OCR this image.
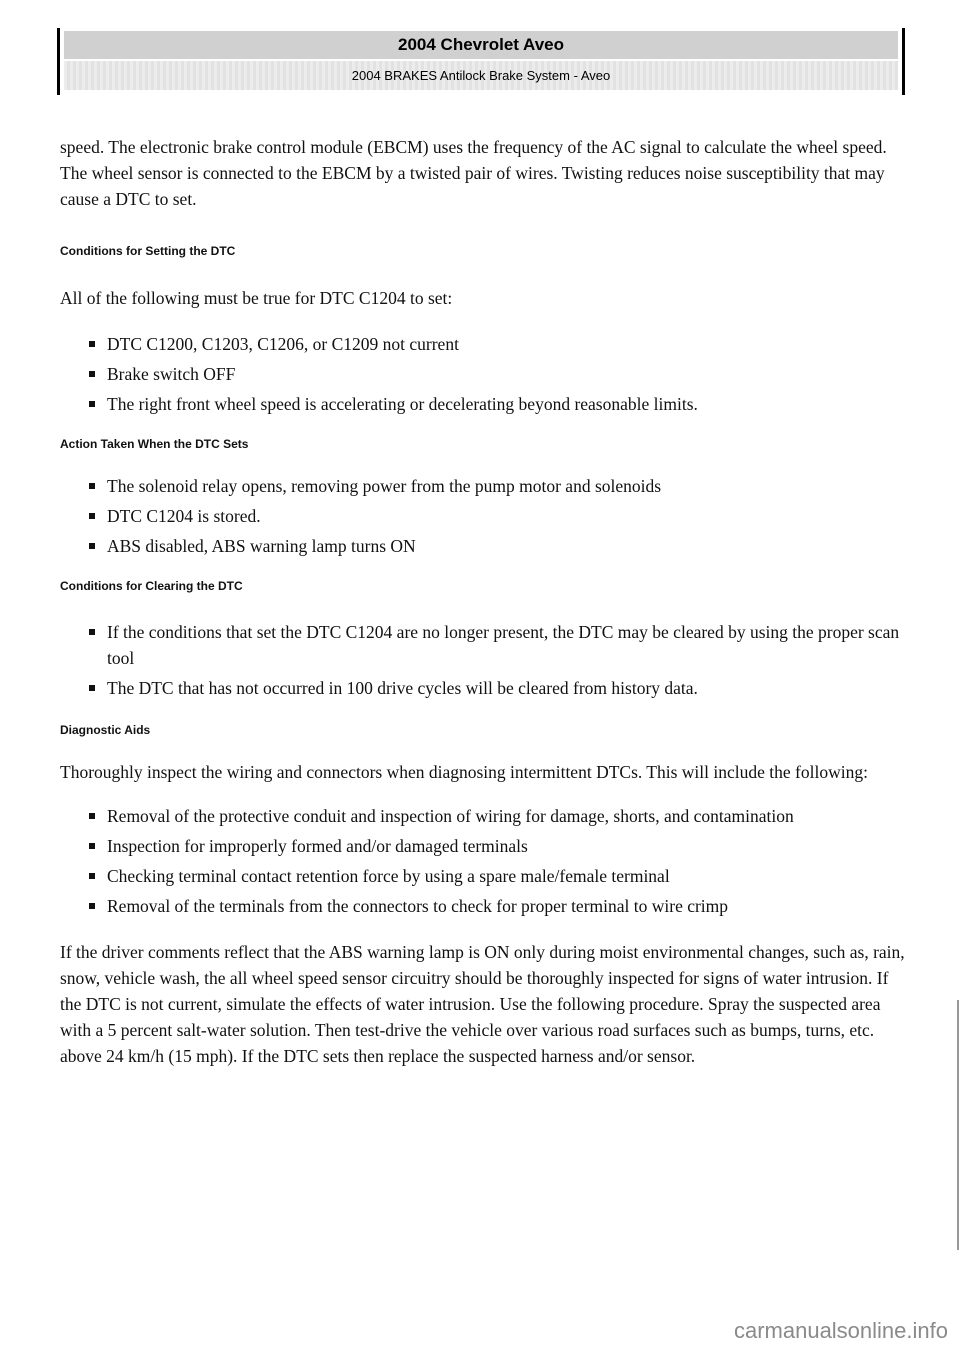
2004 Chevrolet Aveo
2004 BRAKES Antilock Brake System - Aveo

speed. The electronic brake control module (EBCM) uses the frequency of the AC signal to calculate the wheel speed. The wheel sensor is connected to the EBCM by a twisted pair of wires. Twisting reduces noise susceptibility that may cause a DTC to set.

Conditions for Setting the DTC

All of the following must be true for DTC C1204 to set:

DTC C1200, C1203, C1206, or C1209 not current
Brake switch OFF
The right front wheel speed is accelerating or decelerating beyond reasonable limits.
Action Taken When the DTC Sets
The solenoid relay opens, removing power from the pump motor and solenoids
DTC C1204 is stored.
ABS disabled, ABS warning lamp turns ON
Conditions for Clearing the DTC
If the conditions that set the DTC C1204 are no longer present, the DTC may be cleared by using the proper scan tool
The DTC that has not occurred in 100 drive cycles will be cleared from history data.
Diagnostic Aids

Thoroughly inspect the wiring and connectors when diagnosing intermittent DTCs. This will include the following:

Removal of the protective conduit and inspection of wiring for damage, shorts, and contamination
Inspection for improperly formed and/or damaged terminals
Checking terminal contact retention force by using a spare male/female terminal
Removal of the terminals from the connectors to check for proper terminal to wire crimp

If the driver comments reflect that the ABS warning lamp is ON only during moist environmental changes, such as, rain, snow, vehicle wash, the all wheel speed sensor circuitry should be thoroughly inspected for signs of water intrusion. If the DTC is not current, simulate the effects of water intrusion. Use the following procedure. Spray the suspected area with a 5 percent salt-water solution. Then test-drive the vehicle over various road surfaces such as bumps, turns, etc. above 24 km/h (15 mph). If the DTC sets then replace the suspected harness and/or sensor.

carmanualsonline.info
